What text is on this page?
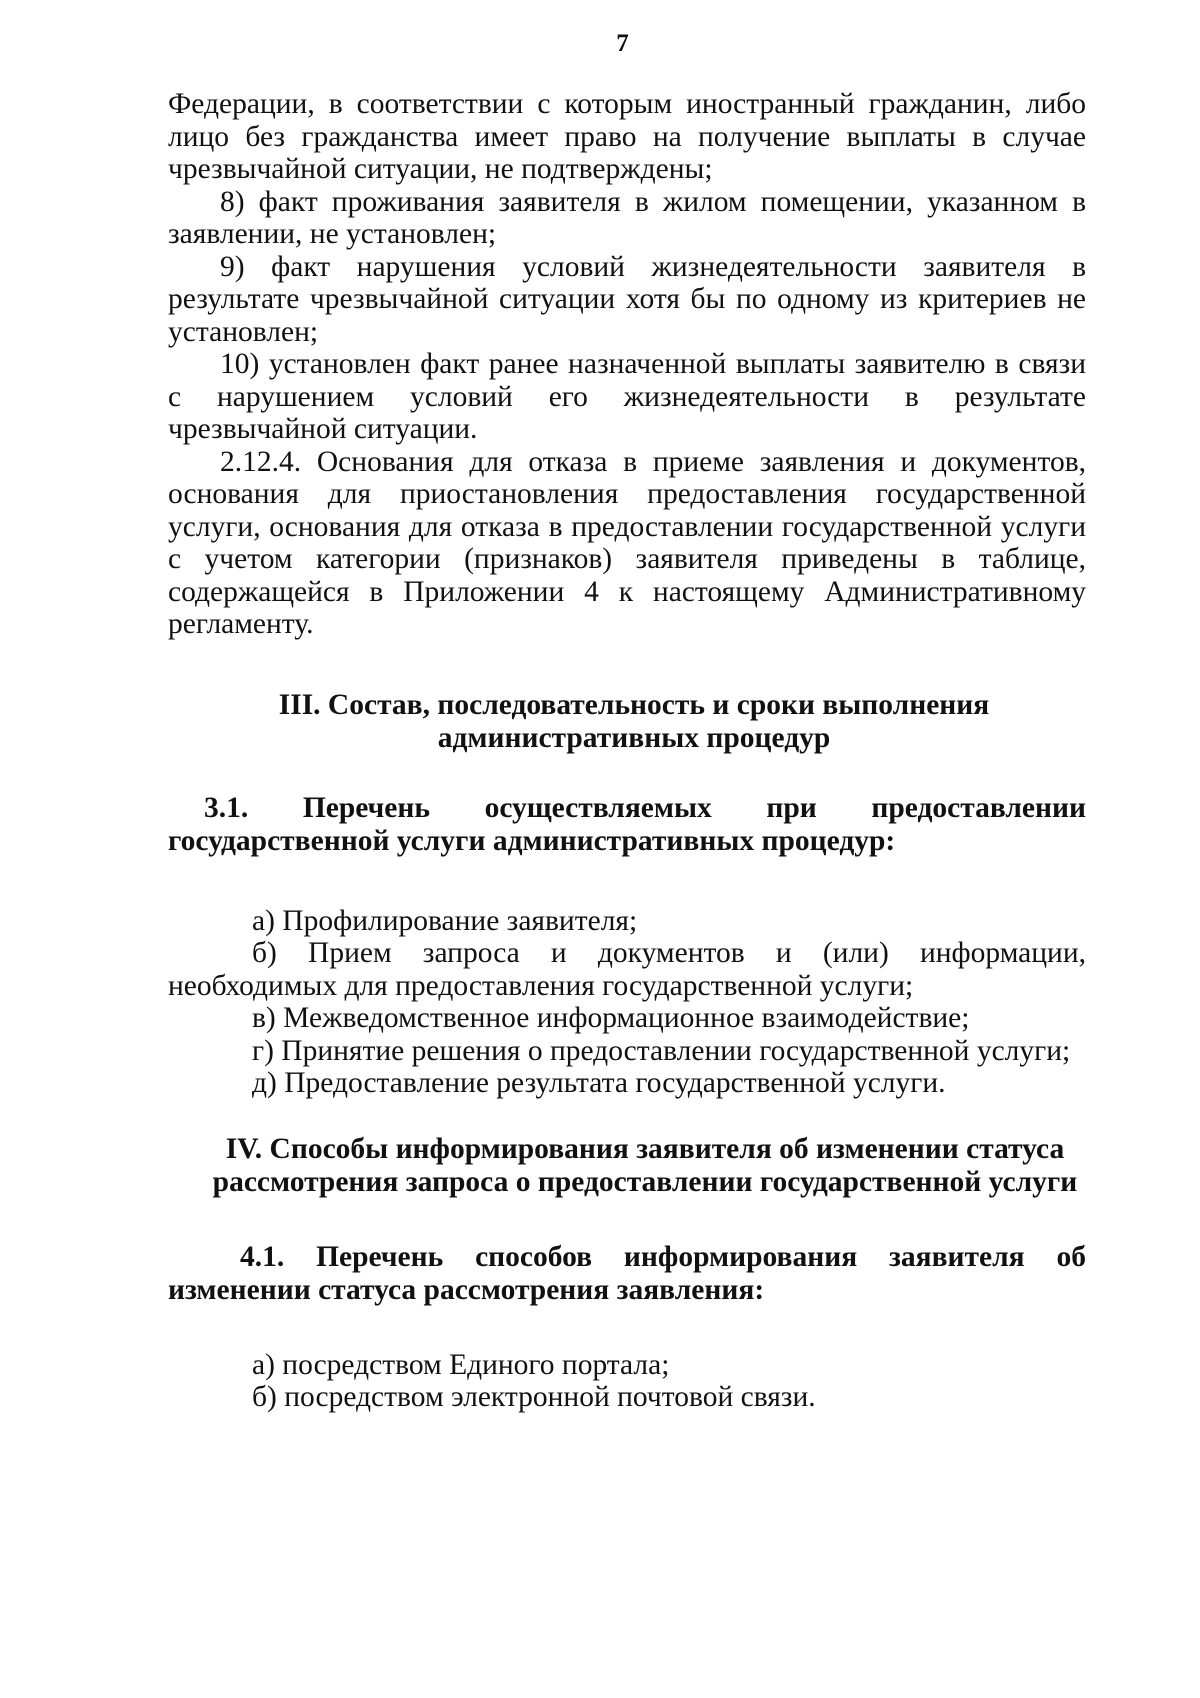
7

Федерации, в соответствии с которым иностранный гражданин, либо лицо без гражданства имеет право на получение выплаты в случае чрезвычайной ситуации, не подтверждены;

8) факт проживания заявителя в жилом помещении, указанном в заявлении, не установлен;

9) факт нарушения условий жизнедеятельности заявителя в результате чрезвычайной ситуации хотя бы по одному из критериев не установлен;

10) установлен факт ранее назначенной выплаты заявителю в связи с нарушением условий его жизнедеятельности в результате чрезвычайной ситуации.

2.12.4. Основания для отказа в приеме заявления и документов, основания для приостановления предоставления государственной услуги, основания для отказа в предоставлении государственной услуги с учетом категории (признаков) заявителя приведены в таблице, содержащейся в Приложении 4 к настоящему Административному регламенту.

III. Состав, последовательность и сроки выполнения административных процедур
3.1. Перечень осуществляемых при предоставлении государственной услуги административных процедур:

а) Профилирование заявителя;

б) Прием запроса и документов и (или) информации, необходимых для предоставления государственной услуги;

в) Межведомственное информационное взаимодействие;

г) Принятие решения о предоставлении государственной услуги;

д) Предоставление результата государственной услуги.

IV. Способы информирования заявителя об изменении статуса рассмотрения запроса о предоставлении государственной услуги
4.1. Перечень способов информирования заявителя об изменении статуса рассмотрения заявления:

а) посредством Единого портала;

б) посредством электронной почтовой связи.
